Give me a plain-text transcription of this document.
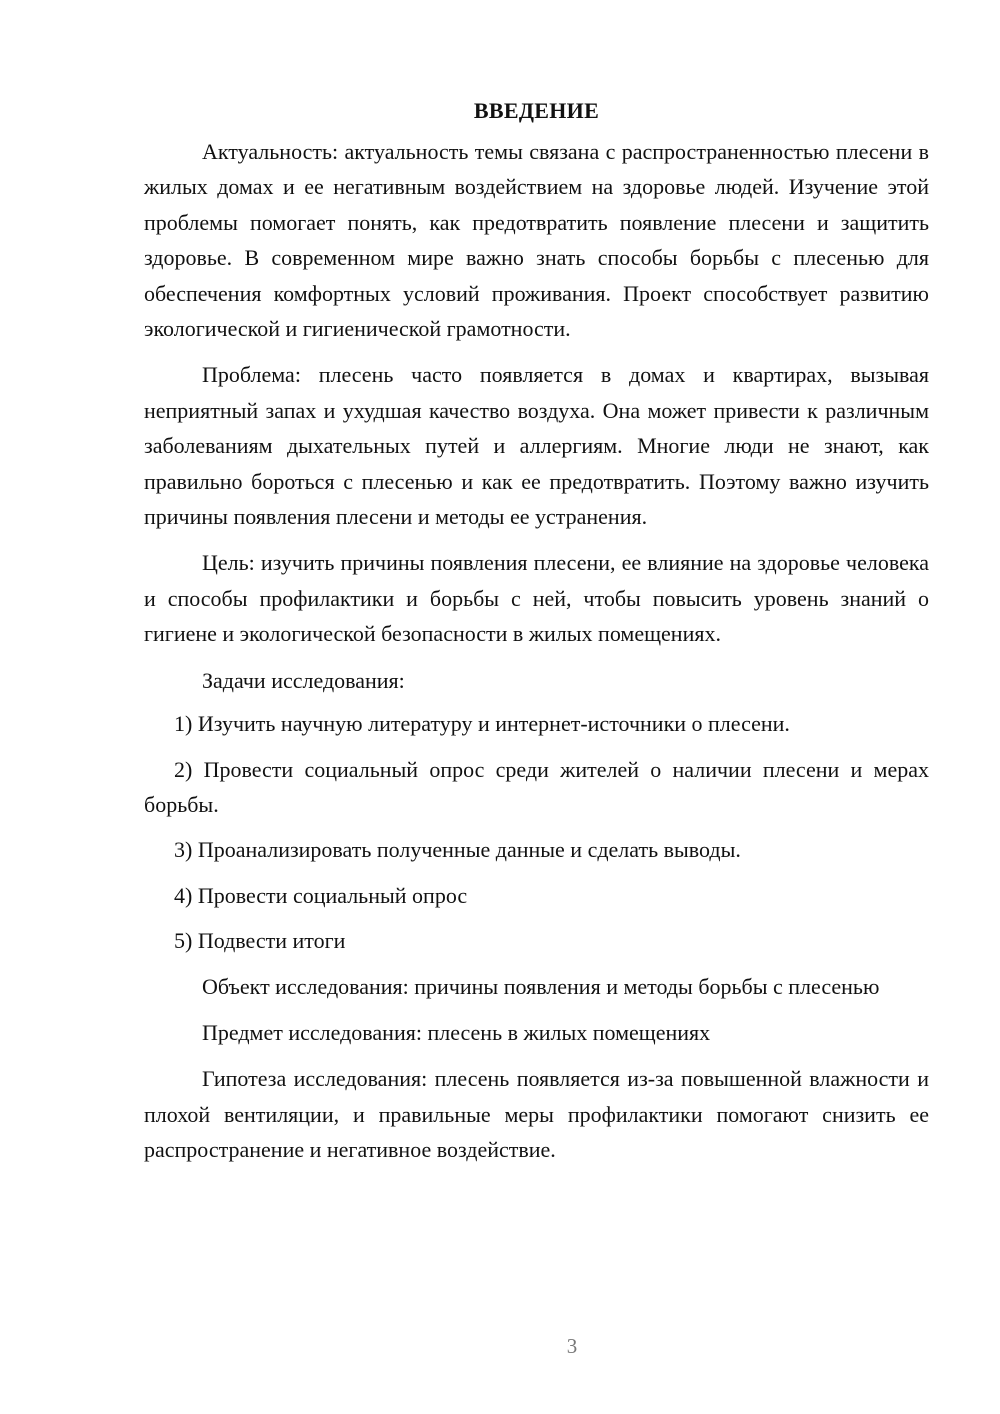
ВВЕДЕНИЕ

Актуальность: актуальность темы связана с распространенностью плесени в жилых домах и ее негативным воздействием на здоровье людей. Изучение этой проблемы помогает понять, как предотвратить появление плесени и защитить здоровье. В современном мире важно знать способы борьбы с плесенью для обеспечения комфортных условий проживания. Проект способствует развитию экологической и гигиенической грамотности.

Проблема: плесень часто появляется в домах и квартирах, вызывая неприятный запах и ухудшая качество воздуха. Она может привести к различным заболеваниям дыхательных путей и аллергиям. Многие люди не знают, как правильно бороться с плесенью и как ее предотвратить. Поэтому важно изучить причины появления плесени и методы ее устранения.

Цель: изучить причины появления плесени, ее влияние на здоровье человека и способы профилактики и борьбы с ней, чтобы повысить уровень знаний о гигиене и экологической безопасности в жилых помещениях.

Задачи исследования:

1) Изучить научную литературу и интернет-источники о плесени.

2) Провести социальный опрос среди жителей о наличии плесени и мерах борьбы.

3) Проанализировать полученные данные и сделать выводы.

4) Провести социальный опрос

5) Подвести итоги

Объект исследования: причины появления и методы борьбы с плесенью

Предмет исследования: плесень в жилых помещениях

Гипотеза исследования: плесень появляется из-за повышенной влажности и плохой вентиляции, и правильные меры профилактики помогают снизить ее распространение и негативное воздействие.

3
